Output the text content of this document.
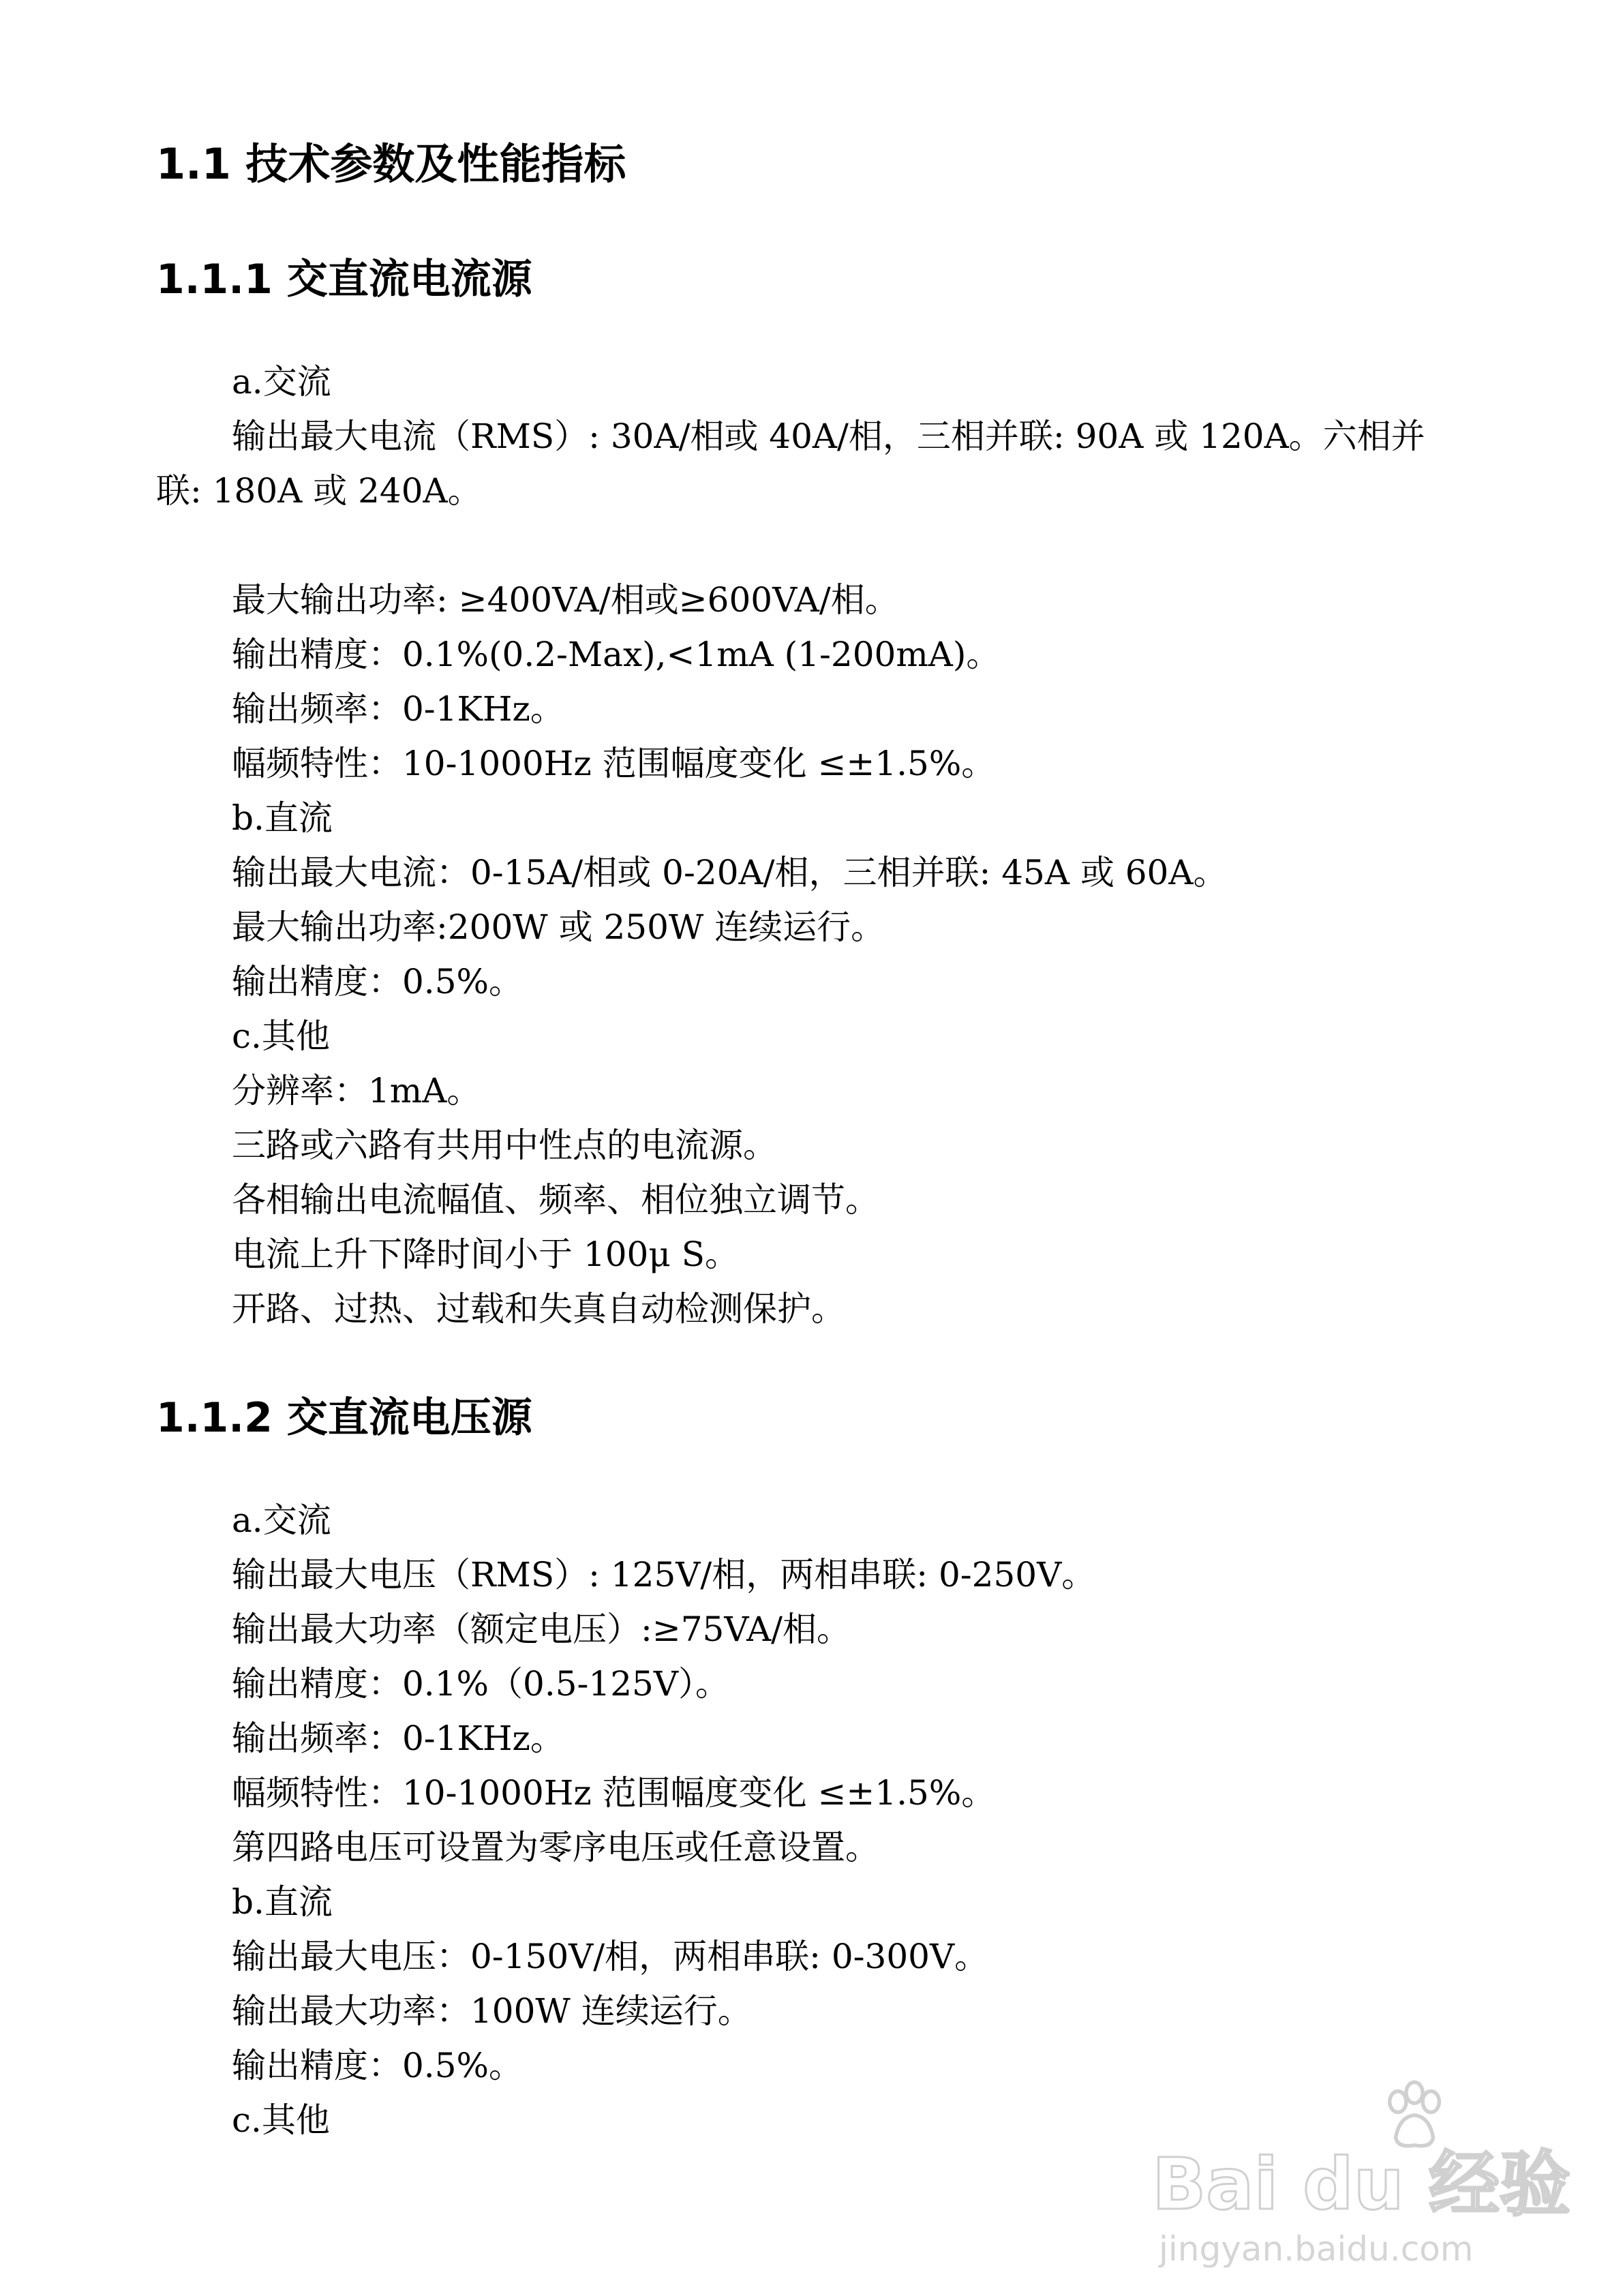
1.1 技术参数及性能指标
1.1.1 交直流电流源
a.交流
输出最大电流（RMS）: 30A/相或 40A/相，三相并联: 90A 或 120A。六相并
联: 180A 或 240A。
最大输出功率: ≥400VA/相或≥600VA/相。
输出精度：0.1%(0.2-Max),<1mA (1-200mA)。
输出频率：0-1KHz。
幅频特性：10-1000Hz 范围幅度变化 ≤±1.5%。
b.直流
输出最大电流：0-15A/相或 0-20A/相，三相并联: 45A 或 60A。
最大输出功率:200W 或 250W 连续运行。
输出精度：0.5%。
c.其他
分辨率：1mA。
三路或六路有共用中性点的电流源。
各相输出电流幅值、频率、相位独立调节。
电流上升下降时间小于 100μ S。
开路、过热、过载和失真自动检测保护。
1.1.2 交直流电压源
a.交流
输出最大电压（RMS）: 125V/相，两相串联: 0-250V。
输出最大功率（额定电压）:≥75VA/相。
输出精度：0.1%（0.5-125V）。
输出频率：0-1KHz。
幅频特性：10-1000Hz 范围幅度变化 ≤±1.5%。
第四路电压可设置为零序电压或任意设置。
b.直流
输出最大电压：0-150V/相，两相串联: 0-300V。
输出最大功率：100W 连续运行。
输出精度：0.5%。
c.其他
Bai du 经验
jingyan.baidu.com
